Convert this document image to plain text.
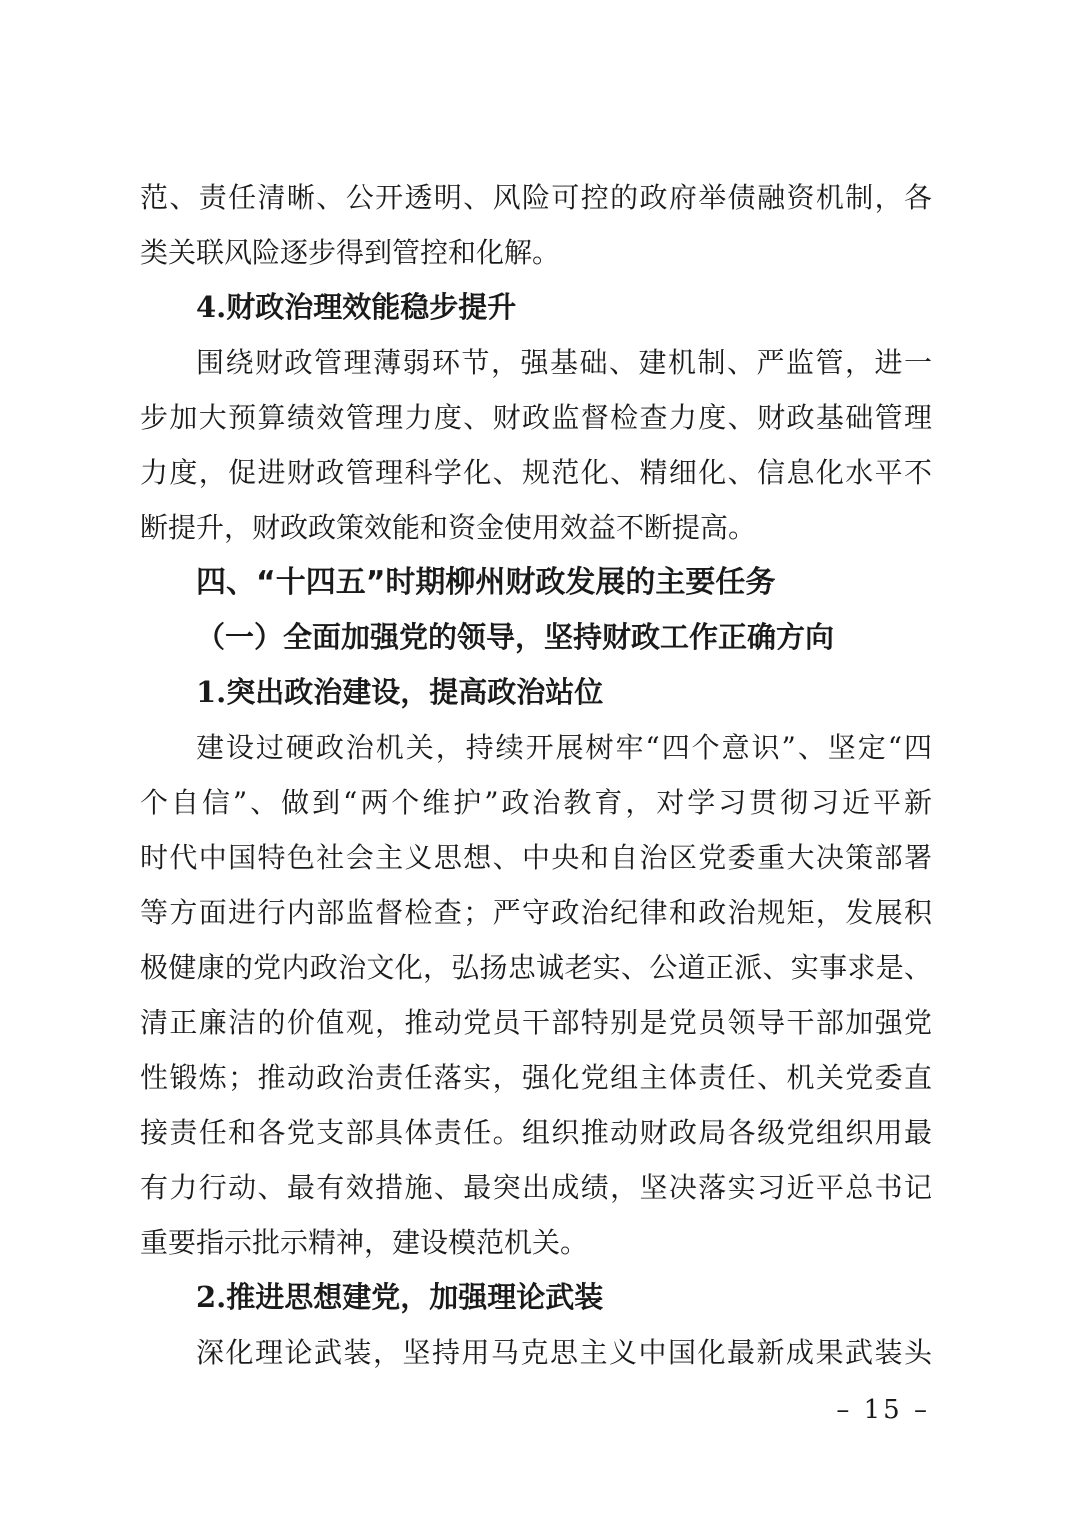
范、责任清晰、公开透明、风险可控的政府举债融资机制，各
类关联风险逐步得到管控和化解。
4.财政治理效能稳步提升
围绕财政管理薄弱环节，强基础、建机制、严监管，进一
步加大预算绩效管理力度、财政监督检查力度、财政基础管理
力度，促进财政管理科学化、规范化、精细化、信息化水平不
断提升，财政政策效能和资金使用效益不断提高。
四、“十四五”时期柳州财政发展的主要任务
（一）全面加强党的领导，坚持财政工作正确方向
1.突出政治建设，提高政治站位
建设过硬政治机关，持续开展树牢“四个意识”、坚定“四
个自信”、做到“两个维护”政治教育，对学习贯彻习近平新
时代中国特色社会主义思想、中央和自治区党委重大决策部署
等方面进行内部监督检查；严守政治纪律和政治规矩，发展积
极健康的党内政治文化，弘扬忠诚老实、公道正派、实事求是、
清正廉洁的价值观，推动党员干部特别是党员领导干部加强党
性锻炼；推动政治责任落实，强化党组主体责任、机关党委直
接责任和各党支部具体责任。组织推动财政局各级党组织用最
有力行动、最有效措施、最突出成绩，坚决落实习近平总书记
重要指示批示精神，建设模范机关。
2.推进思想建党，加强理论武装
深化理论武装，坚持用马克思主义中国化最新成果武装头
– 15 –
